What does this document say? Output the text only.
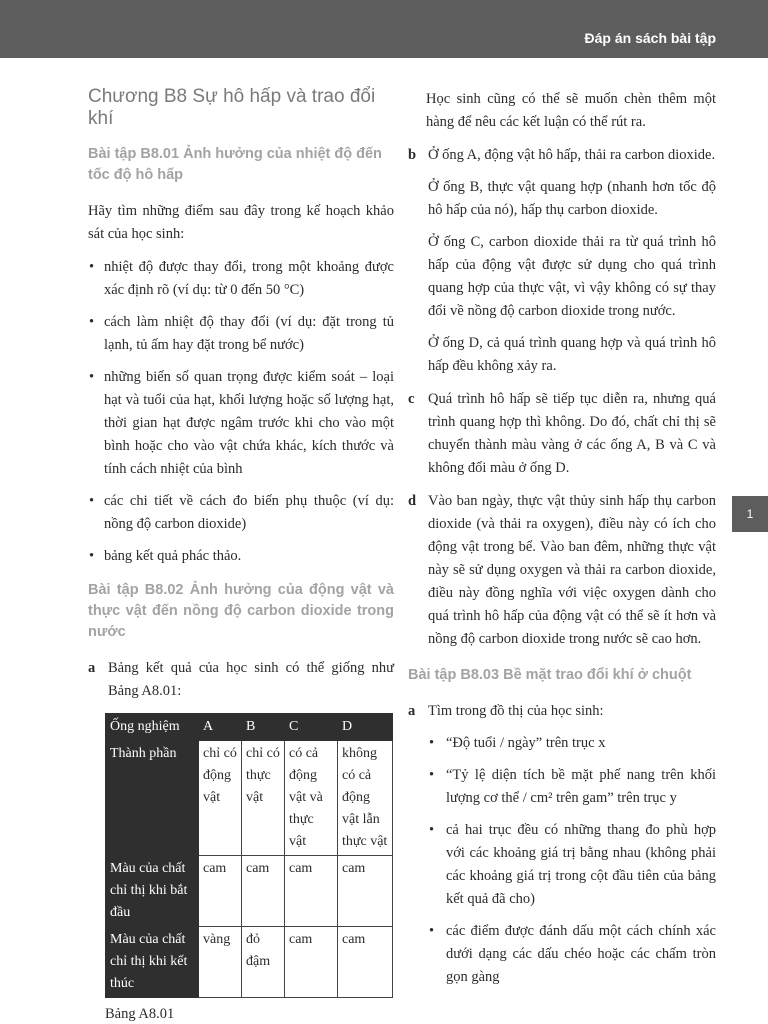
Đáp án sách bài tập
1
Chương B8 Sự hô hấp và trao đổi khí
Bài tập B8.01 Ảnh hưởng của nhiệt độ đến tốc độ hô hấp

Hãy tìm những điểm sau đây trong kế hoạch khảo sát của học sinh:

• nhiệt độ được thay đổi, trong một khoảng được xác định rõ (ví dụ: từ 0 đến 50 °C)
• cách làm nhiệt độ thay đổi (ví dụ: đặt trong tủ lạnh, tủ ấm hay đặt trong bể nước)
• những biến số quan trọng được kiểm soát – loại hạt và tuổi của hạt, khối lượng hoặc số lượng hạt, thời gian hạt được ngâm trước khi cho vào một bình hoặc cho vào vật chứa khác, kích thước và tính cách nhiệt của bình
• các chi tiết về cách đo biến phụ thuộc (ví dụ: nồng độ carbon dioxide)
• bảng kết quả phác thảo.
Bài tập B8.02 Ảnh hưởng của động vật và thực vật đến nồng độ carbon dioxide trong nước
a Bảng kết quả của học sinh có thể giống như Bảng A8.01:

Ống nghiệm	A	B	C	D
Thành phần	chỉ có động vật	chỉ có thực vật	có cả động vật và thực vật	không có cả động vật lẫn thực vật
Màu của chất chỉ thị khi bắt đầu	cam	cam	cam	cam
Màu của chất chỉ thị khi kết thúc	vàng	đỏ đậm	cam	cam
Bảng A8.01

Học sinh cũng có thể sẽ muốn chèn thêm một hàng để nêu các kết luận có thể rút ra.

b Ở ống A, động vật hô hấp, thải ra carbon dioxide.

Ở ống B, thực vật quang hợp (nhanh hơn tốc độ hô hấp của nó), hấp thụ carbon dioxide.

Ở ống C, carbon dioxide thải ra từ quá trình hô hấp của động vật được sử dụng cho quá trình quang hợp của thực vật, vì vậy không có sự thay đổi về nồng độ carbon dioxide trong nước.

Ở ống D, cả quá trình quang hợp và quá trình hô hấp đều không xảy ra.

c Quá trình hô hấp sẽ tiếp tục diễn ra, nhưng quá trình quang hợp thì không. Do đó, chất chỉ thị sẽ chuyển thành màu vàng ở các ống A, B và C và không đổi màu ở ống D.

d Vào ban ngày, thực vật thủy sinh hấp thụ carbon dioxide (và thải ra oxygen), điều này có ích cho động vật trong bể. Vào ban đêm, những thực vật này sẽ sử dụng oxygen và thải ra carbon dioxide, điều này đồng nghĩa với việc oxygen dành cho quá trình hô hấp của động vật có thể sẽ ít hơn và nồng độ carbon dioxide trong nước sẽ cao hơn.

Bài tập B8.03 Bề mặt trao đổi khí ở chuột
a Tìm trong đồ thị của học sinh:

• “Độ tuổi / ngày” trên trục x
• “Tỷ lệ diện tích bề mặt phế nang trên khối lượng cơ thể / cm² trên gam” trên trục y
• cả hai trục đều có những thang đo phù hợp với các khoảng giá trị bằng nhau (không phải các khoảng giá trị trong cột đầu tiên của bảng kết quả đã cho)
• các điểm được đánh dấu một cách chính xác dưới dạng các dấu chéo hoặc các chấm tròn gọn gàng
